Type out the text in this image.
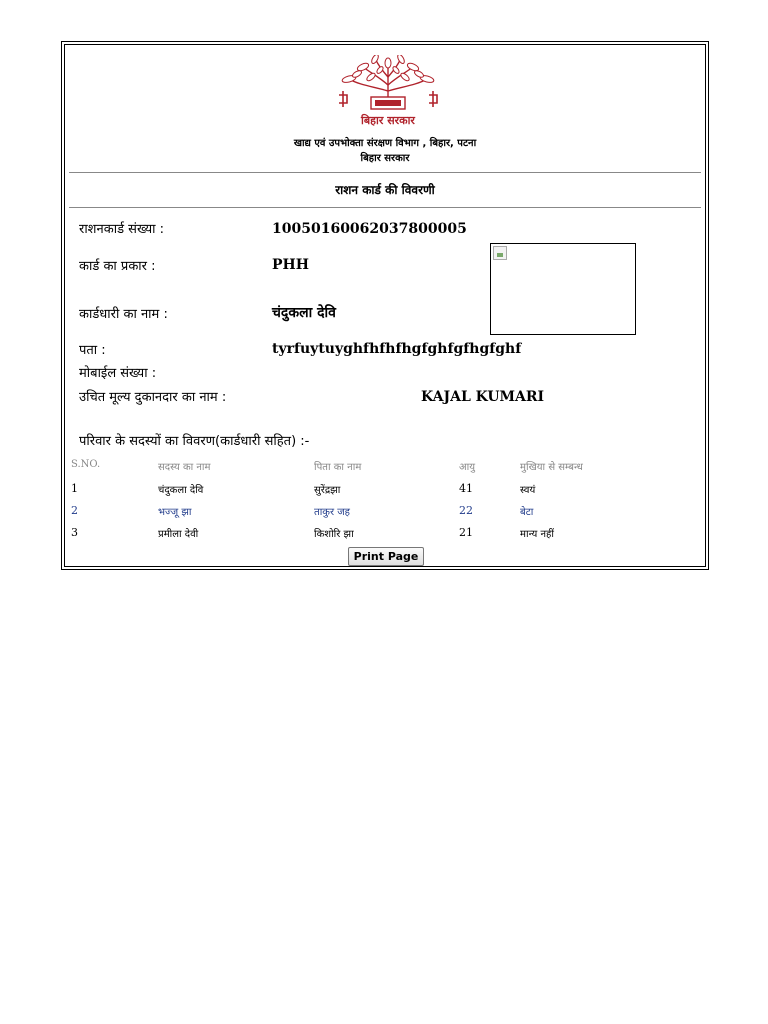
बिहार सरकार
खाद्य एवं उपभोक्ता संरक्षण विभाग , बिहार, पटना
बिहार सरकार
राशन कार्ड की विवरणी
राशनकार्ड संख्या :	10050160062037800005
कार्ड का प्रकार :	PHH
कार्डधारी का नाम :	चंदुकला देवि
पता :	tyrfuytuyghfhfhfhgfghfgfhgfghf
मोबाईल संख्या :
उचित मूल्य दुकानदार का नाम :	KAJAL KUMARI
परिवार के सदस्यों का विवरण(कार्डधारी सहित) :-
S.NO.	सदस्य का नाम	पिता का नाम	आयु	मुखिया से सम्बन्ध
1	चंदुकला देवि	सुरेंद्रझा	41	स्वयं
2	भज्जू झा	ताकुर जह	22	बेटा
3	प्रमीला देवी	किशोरि झा	21	मान्य नहीं
Print Page
